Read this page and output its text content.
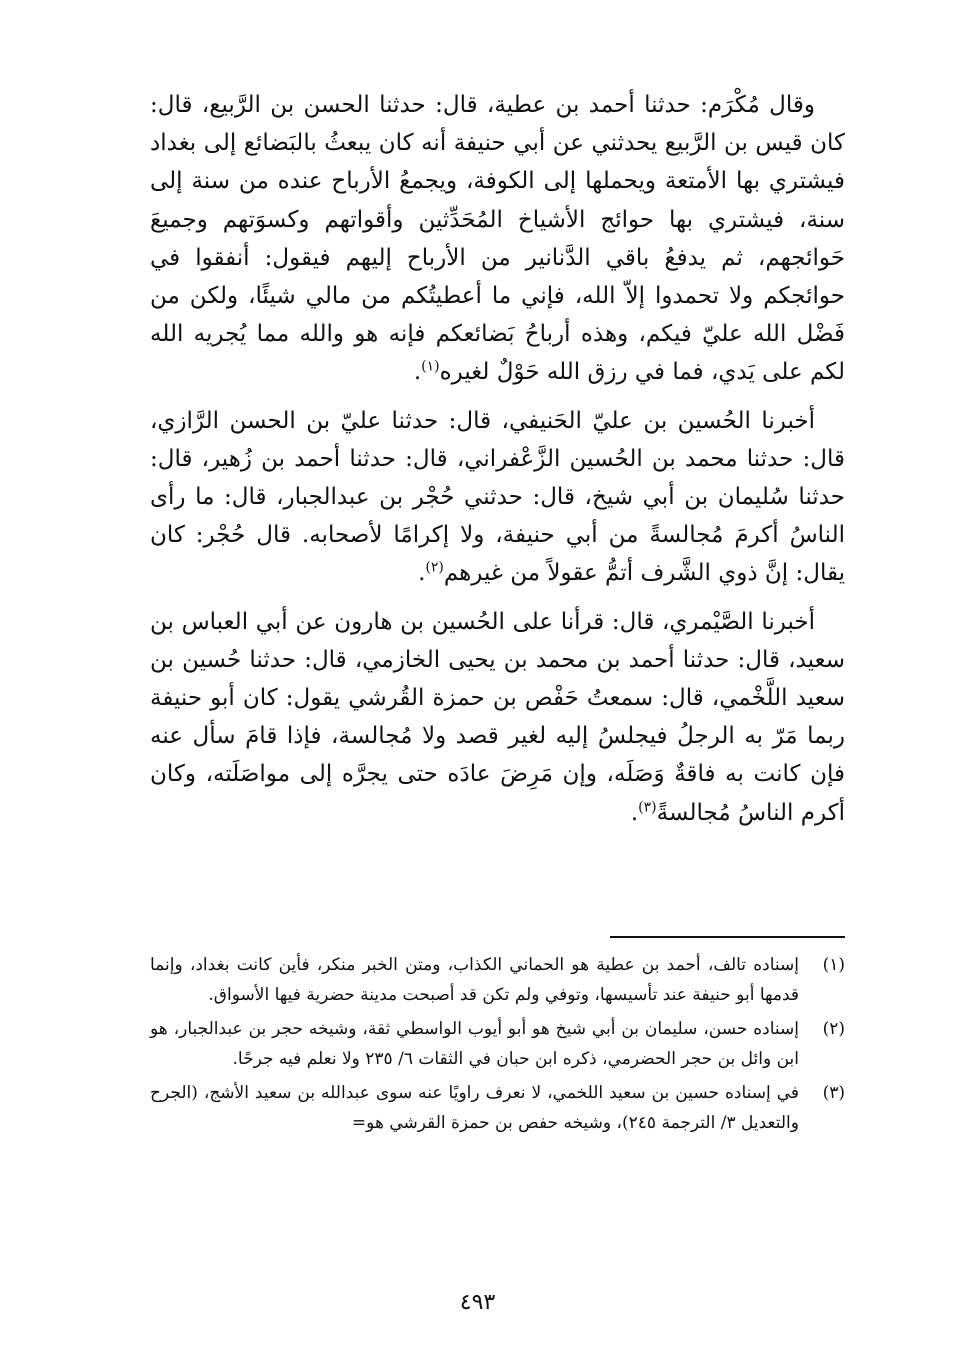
وقال مُكْرَم: حدثنا أحمد بن عطية، قال: حدثنا الحسن بن الرَّبيع، قال: كان قيس بن الرَّبيع يحدثني عن أبي حنيفة أنه كان يبعثُ بالبَضائع إلى بغداد فيشتري بها الأمتعة ويحملها إلى الكوفة، ويجمعُ الأرباح عنده من سنة إلى سنة، فيشتري بها حوائج الأشياخ المُحَدِّثين وأقواتهم وكسوَتهم وجميعَ حَوائجهم، ثم يدفعُ باقي الدَّنانير من الأرباح إليهم فيقول: أنفقوا في حوائجكم ولا تحمدوا إلاّ الله، فإني ما أعطيتُكم من مالي شيئًا، ولكن من فَضْل الله عليّ فيكم، وهذه أرباحُ بَضائعكم فإنه هو والله مما يُجريه الله لكم على يَدي، فما في رزق الله حَوْلٌ لغيره$^{(١)}$.

أخبرنا الحُسين بن عليّ الحَنيفي، قال: حدثنا عليّ بن الحسن الرَّازي، قال: حدثنا محمد بن الحُسين الزَّعْفراني، قال: حدثنا أحمد بن زُهير، قال: حدثنا سُليمان بن أبي شيخ، قال: حدثني حُجْر بن عبدالجبار، قال: ما رأى الناسُ أكرمَ مُجالسةً من أبي حنيفة، ولا إكرامًا لأصحابه. قال حُجْر: كان يقال: إنَّ ذوي الشَّرف أتمُّ عقولاً من غيرهم$^{(٢)}$.

أخبرنا الصَّيْمري، قال: قرأنا على الحُسين بن هارون عن أبي العباس بن سعيد، قال: حدثنا أحمد بن محمد بن يحيى الخازمي، قال: حدثنا حُسين بن سعيد اللَّخْمي، قال: سمعتُ حَفْص بن حمزة القُرشي يقول: كان أبو حنيفة ربما مَرّ به الرجلُ فيجلسُ إليه لغير قصد ولا مُجالسة، فإذا قامَ سأل عنه فإن كانت به فاقةٌ وَصَلَه، وإن مَرِضَ عادَه حتى يجرَّه إلى مواصَلَته، وكان أكرم الناسُ مُجالسةً$^{(٣)}$.

(١)
إسناده تالف، أحمد بن عطية هو الحماني الكذاب، ومتن الخبر منكر، فأين كانت بغداد، وإنما قدمها أبو حنيفة عند تأسيسها، وتوفي ولم تكن قد أصبحت مدينة حضرية فيها الأسواق.
(٢)
إسناده حسن، سليمان بن أبي شيخ هو أبو أيوب الواسطي ثقة، وشيخه حجر بن عبدالجبار، هو ابن وائل بن حجر الحضرمي، ذكره ابن حبان في الثقات ٦/ ٢٣٥ ولا نعلم فيه جرحًا.
(٣)
في إسناده حسين بن سعيد اللخمي، لا نعرف راويًا عنه سوى عبدالله بن سعيد الأشج، (الجرح والتعديل ٣/ الترجمة ٢٤٥)، وشيخه حفص بن حمزة القرشي هو=
٤٩٣
